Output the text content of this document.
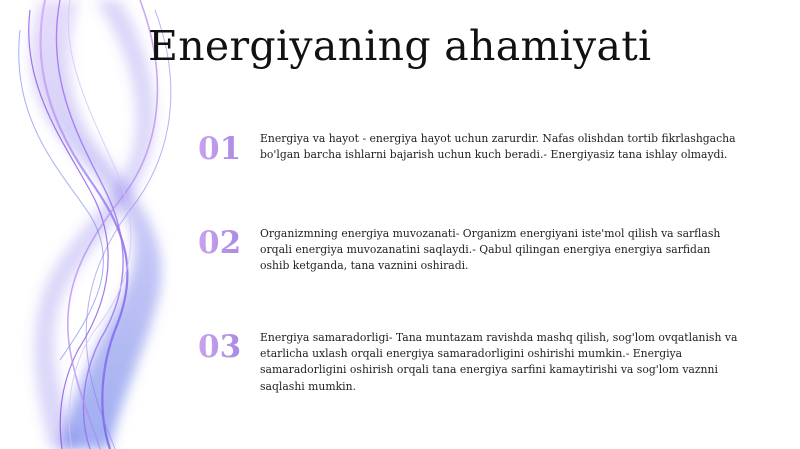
Energiyaning ahamiyati
01 Energiya va hayot - energiya hayot uchun zarurdir. Nafas olishdan tortib fikrlashgacha bo'lgan barcha ishlarni bajarish uchun kuch beradi.- Energiyasiz tana ishlay olmaydi.
02 Organizmning energiya muvozanati- Organizm energiyani iste'mol qilish va sarflash orqali energiya muvozanatini saqlaydi.- Qabul qilingan energiya energiya sarfidan oshib ketganda, tana vaznini oshiradi.
03 Energiya samaradorligi- Tana muntazam ravishda mashq qilish, sog'lom ovqatlanish va etarlicha uxlash orqali energiya samaradorligini oshirishi mumkin.- Energiya samaradorligini oshirish orqali tana energiya sarfini kamaytirishi va sog'lom vaznni saqlashi mumkin.
